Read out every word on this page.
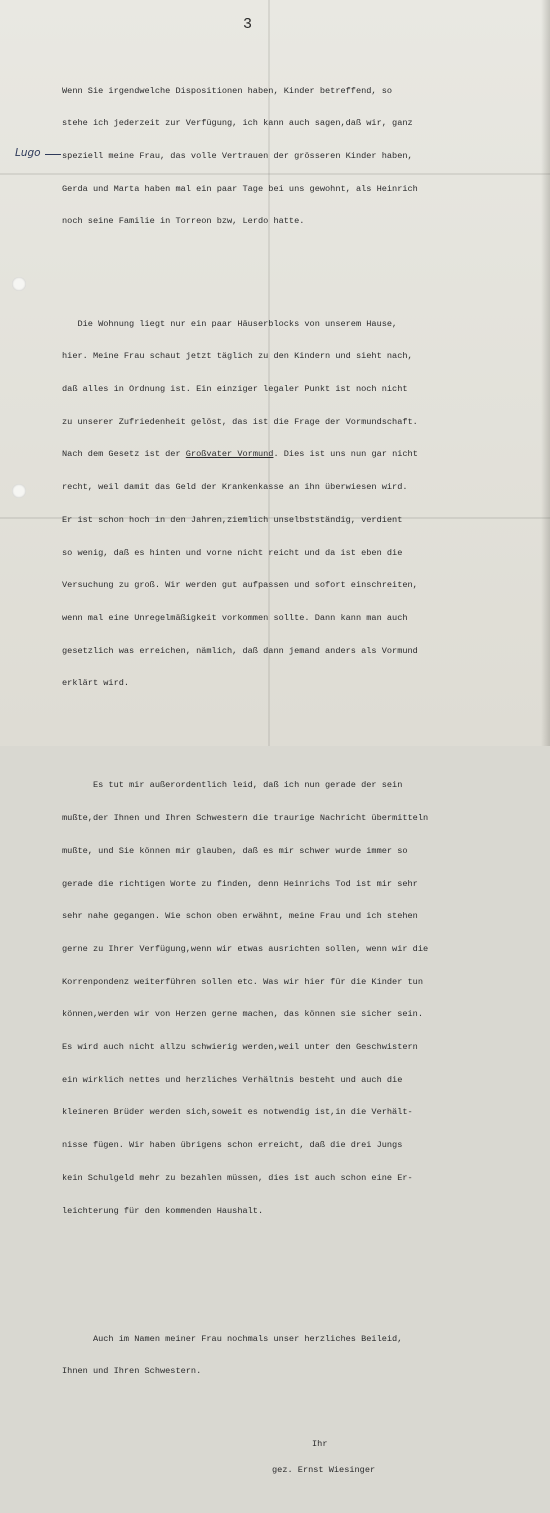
3
Lugo

Wenn Sie irgendwelche Dispositionen haben, Kinder betreffend, so

stehe ich jederzeit zur Verfügung, ich kann auch sagen,daß wir, ganz

speziell meine Frau, das volle Vertrauen der grösseren Kinder haben,

Gerda und Marta haben mal ein paar Tage bei uns gewohnt, als Heinrich

noch seine Familie in Torreon bzw, Lerdo hatte.

Die Wohnung liegt nur ein paar Häuserblocks von unserem Hause,

hier. Meine Frau schaut jetzt täglich zu den Kindern und sieht nach,

daß alles in Ordnung ist. Ein einziger legaler Punkt ist noch nicht

zu unserer Zufriedenheit gelöst, das ist die Frage der Vormundschaft.

Nach dem Gesetz ist der Großvater Vormund. Dies ist uns nun gar nicht

recht, weil damit das Geld der Krankenkasse an ihn überwiesen wird.

Er ist schon hoch in den Jahren,ziemlich unselbstständig, verdient

so wenig, daß es hinten und vorne nicht reicht und da ist eben die

Versuchung zu groß. Wir werden gut aufpassen und sofort einschreiten,

wenn mal eine Unregelmäßigkeit vorkommen sollte. Dann kann man auch

gesetzlich was erreichen, nämlich, daß dann jemand anders als Vormund

erklärt wird.

Es tut mir außerordentlich leid, daß ich nun gerade der sein

mußte,der Ihnen und Ihren Schwestern die traurige Nachricht übermitteln

mußte, und Sie können mir glauben, daß es mir schwer wurde immer so

gerade die richtigen Worte zu finden, denn Heinrichs Tod ist mir sehr

sehr nahe gegangen. Wie schon oben erwähnt, meine Frau und ich stehen

gerne zu Ihrer Verfügung,wenn wir etwas ausrichten sollen, wenn wir die

Korrenpondenz weiterführen sollen etc. Was wir hier für die Kinder tun

können,werden wir von Herzen gerne machen, das können sie sicher sein.

Es wird auch nicht allzu schwierig werden,weil unter den Geschwistern

ein wirklich nettes und herzliches Verhältnis besteht und auch die

kleineren Brüder werden sich,soweit es notwendig ist,in die Verhält-

nisse fügen. Wir haben übrigens schon erreicht, daß die drei Jungs

kein Schulgeld mehr zu bezahlen müssen, dies ist auch schon eine Er-

leichterung für den kommenden Haushalt.

Auch im Namen meiner Frau nochmals unser herzliches Beileid,

Ihnen und Ihren Schwestern.

Ihr

gez. Ernst Wiesinger
